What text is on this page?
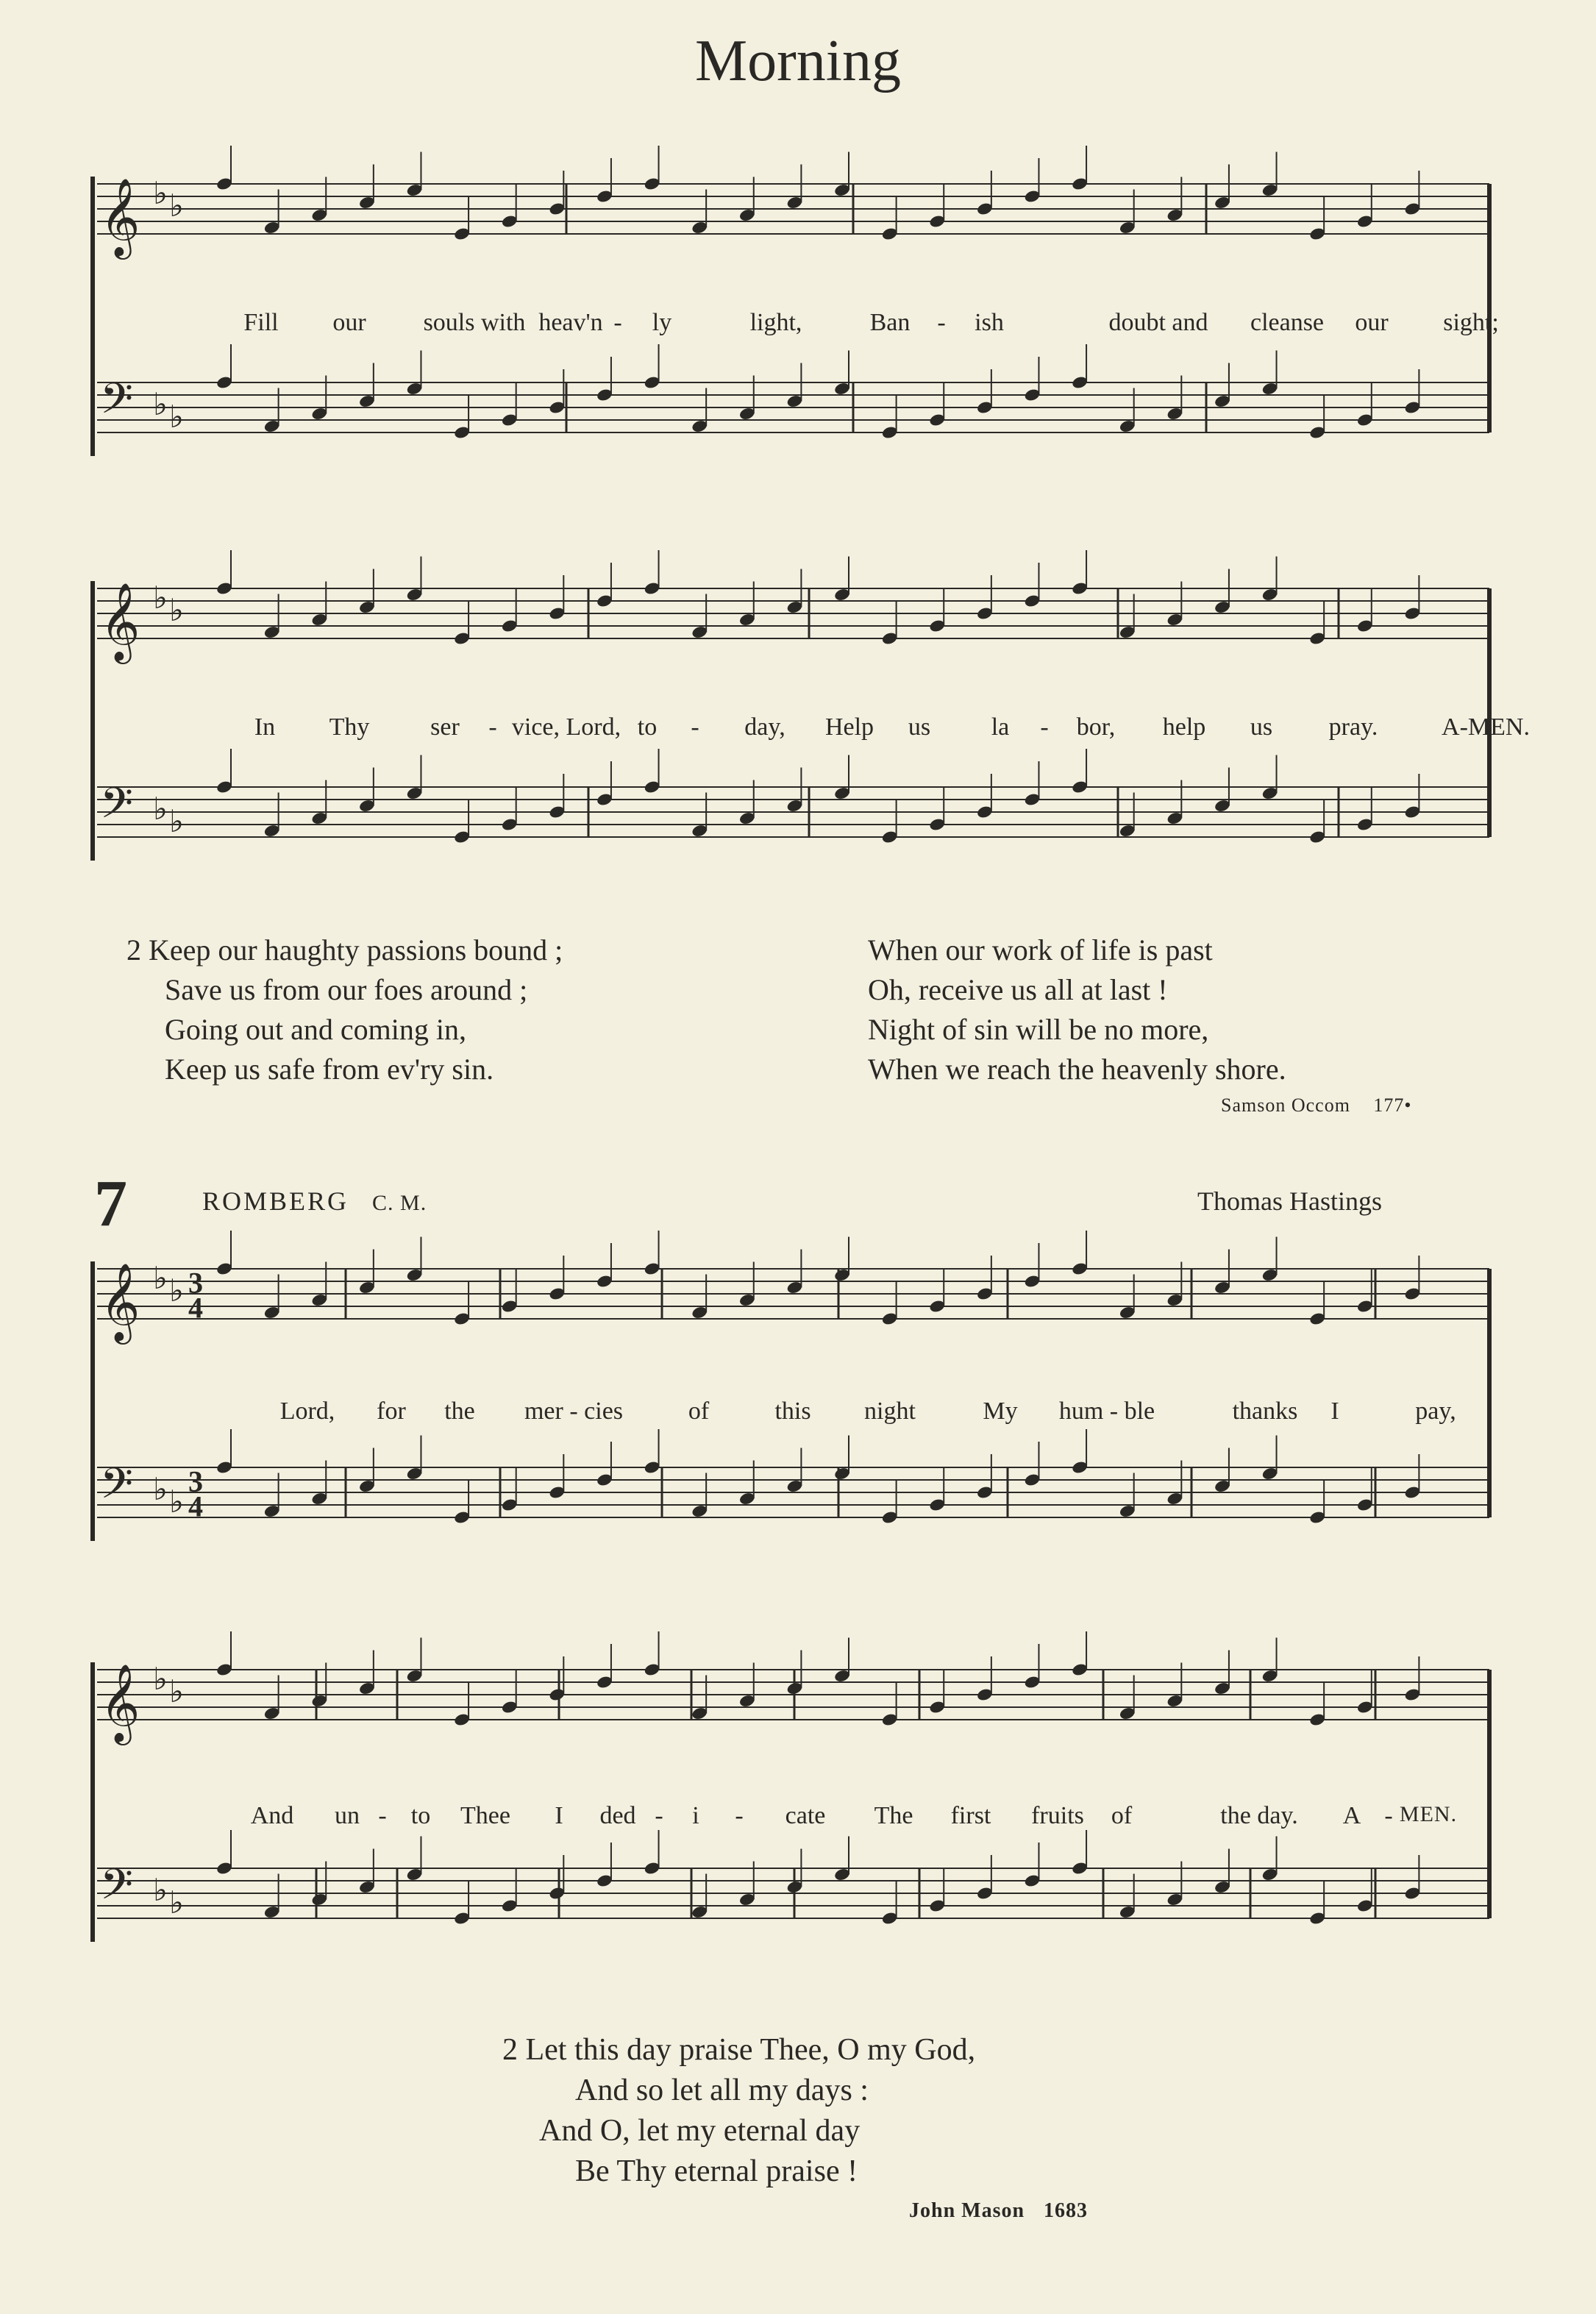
Morning
𝄞 ♭ ♭
𝄢 ♭ ♭
Fill our souls with heav'n - ly	light,	Ban - ish	doubt and cleanse our sight;
𝄞 ♭ ♭
𝄢 ♭ ♭
In Thy ser - vice, Lord, to - day, Help us la - bor, help us pray.	A-MEN.
2 Keep our haughty passions bound ;
Save us from our foes around ;
Going out and coming in,
Keep us safe from ev'ry sin.
When our work of life is past
Oh, receive us all at last !
Night of sin will be no more,
When we reach the heavenly shore.
Samson Occom 177•
7	ROMBERG C. M.	Thomas Hastings
𝄞 ♭ ♭ 3
4
𝄢 ♭ ♭
3
4
Lord, for the mer - cies	of	this night	My hum - ble	thanks I	pay,
𝄞 ♭ ♭
𝄢 ♭ ♭
And un - to Thee I ded - i - cate The first fruits of	the day. A - MEN.
2 Let this day praise Thee, O my God,
And so let all my days :
And O, let my eternal day
Be Thy eternal praise !
John Mason 1683
